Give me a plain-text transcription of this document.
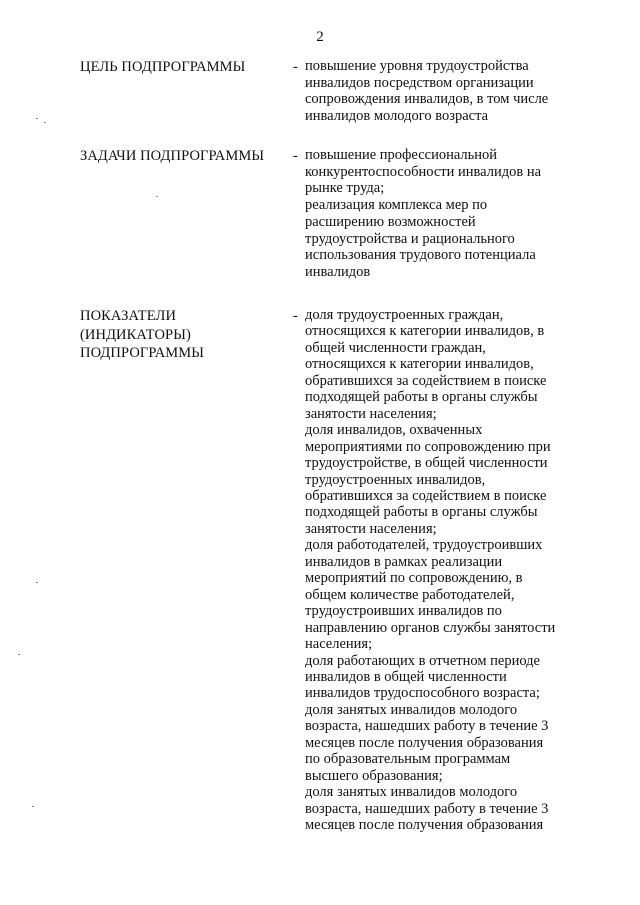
2
ЦЕЛЬ ПОДПРОГРАММЫ	- повышение уровня трудоустройства
инвалидов посредством организации
сопровождения инвалидов, в том числе
инвалидов молодого возраста
ЗАДАЧИ ПОДПРОГРАММЫ	- повышение профессиональной
конкурентоспособности инвалидов на
рынке труда;
реализация комплекса мер по
расширению возможностей
трудоустройства и рационального
использования трудового потенциала
инвалидов
ПОКАЗАТЕЛИ
(ИНДИКАТОРЫ)
ПОДПРОГРАММЫ
- доля трудоустроенных граждан,
относящихся к категории инвалидов, в
общей численности граждан,
относящихся к категории инвалидов,
обратившихся за содействием в поиске
подходящей работы в органы службы
занятости населения;
доля инвалидов, охваченных
мероприятиями по сопровождению при
трудоустройстве, в общей численности
трудоустроенных инвалидов,
обратившихся за содействием в поиске
подходящей работы в органы службы
занятости населения;
доля работодателей, трудоустроивших
инвалидов в рамках реализации
мероприятий по сопровождению, в
общем количестве работодателей,
трудоустроивших инвалидов по
направлению органов службы занятости
населения;
доля работающих в отчетном периоде
инвалидов в общей численности
инвалидов трудоспособного возраста;
доля занятых инвалидов молодого
возраста, нашедших работу в течение 3
месяцев после получения образования
по образовательным программам
высшего образования;
доля занятых инвалидов молодого
возраста, нашедших работу в течение 3
месяцев после получения образования
